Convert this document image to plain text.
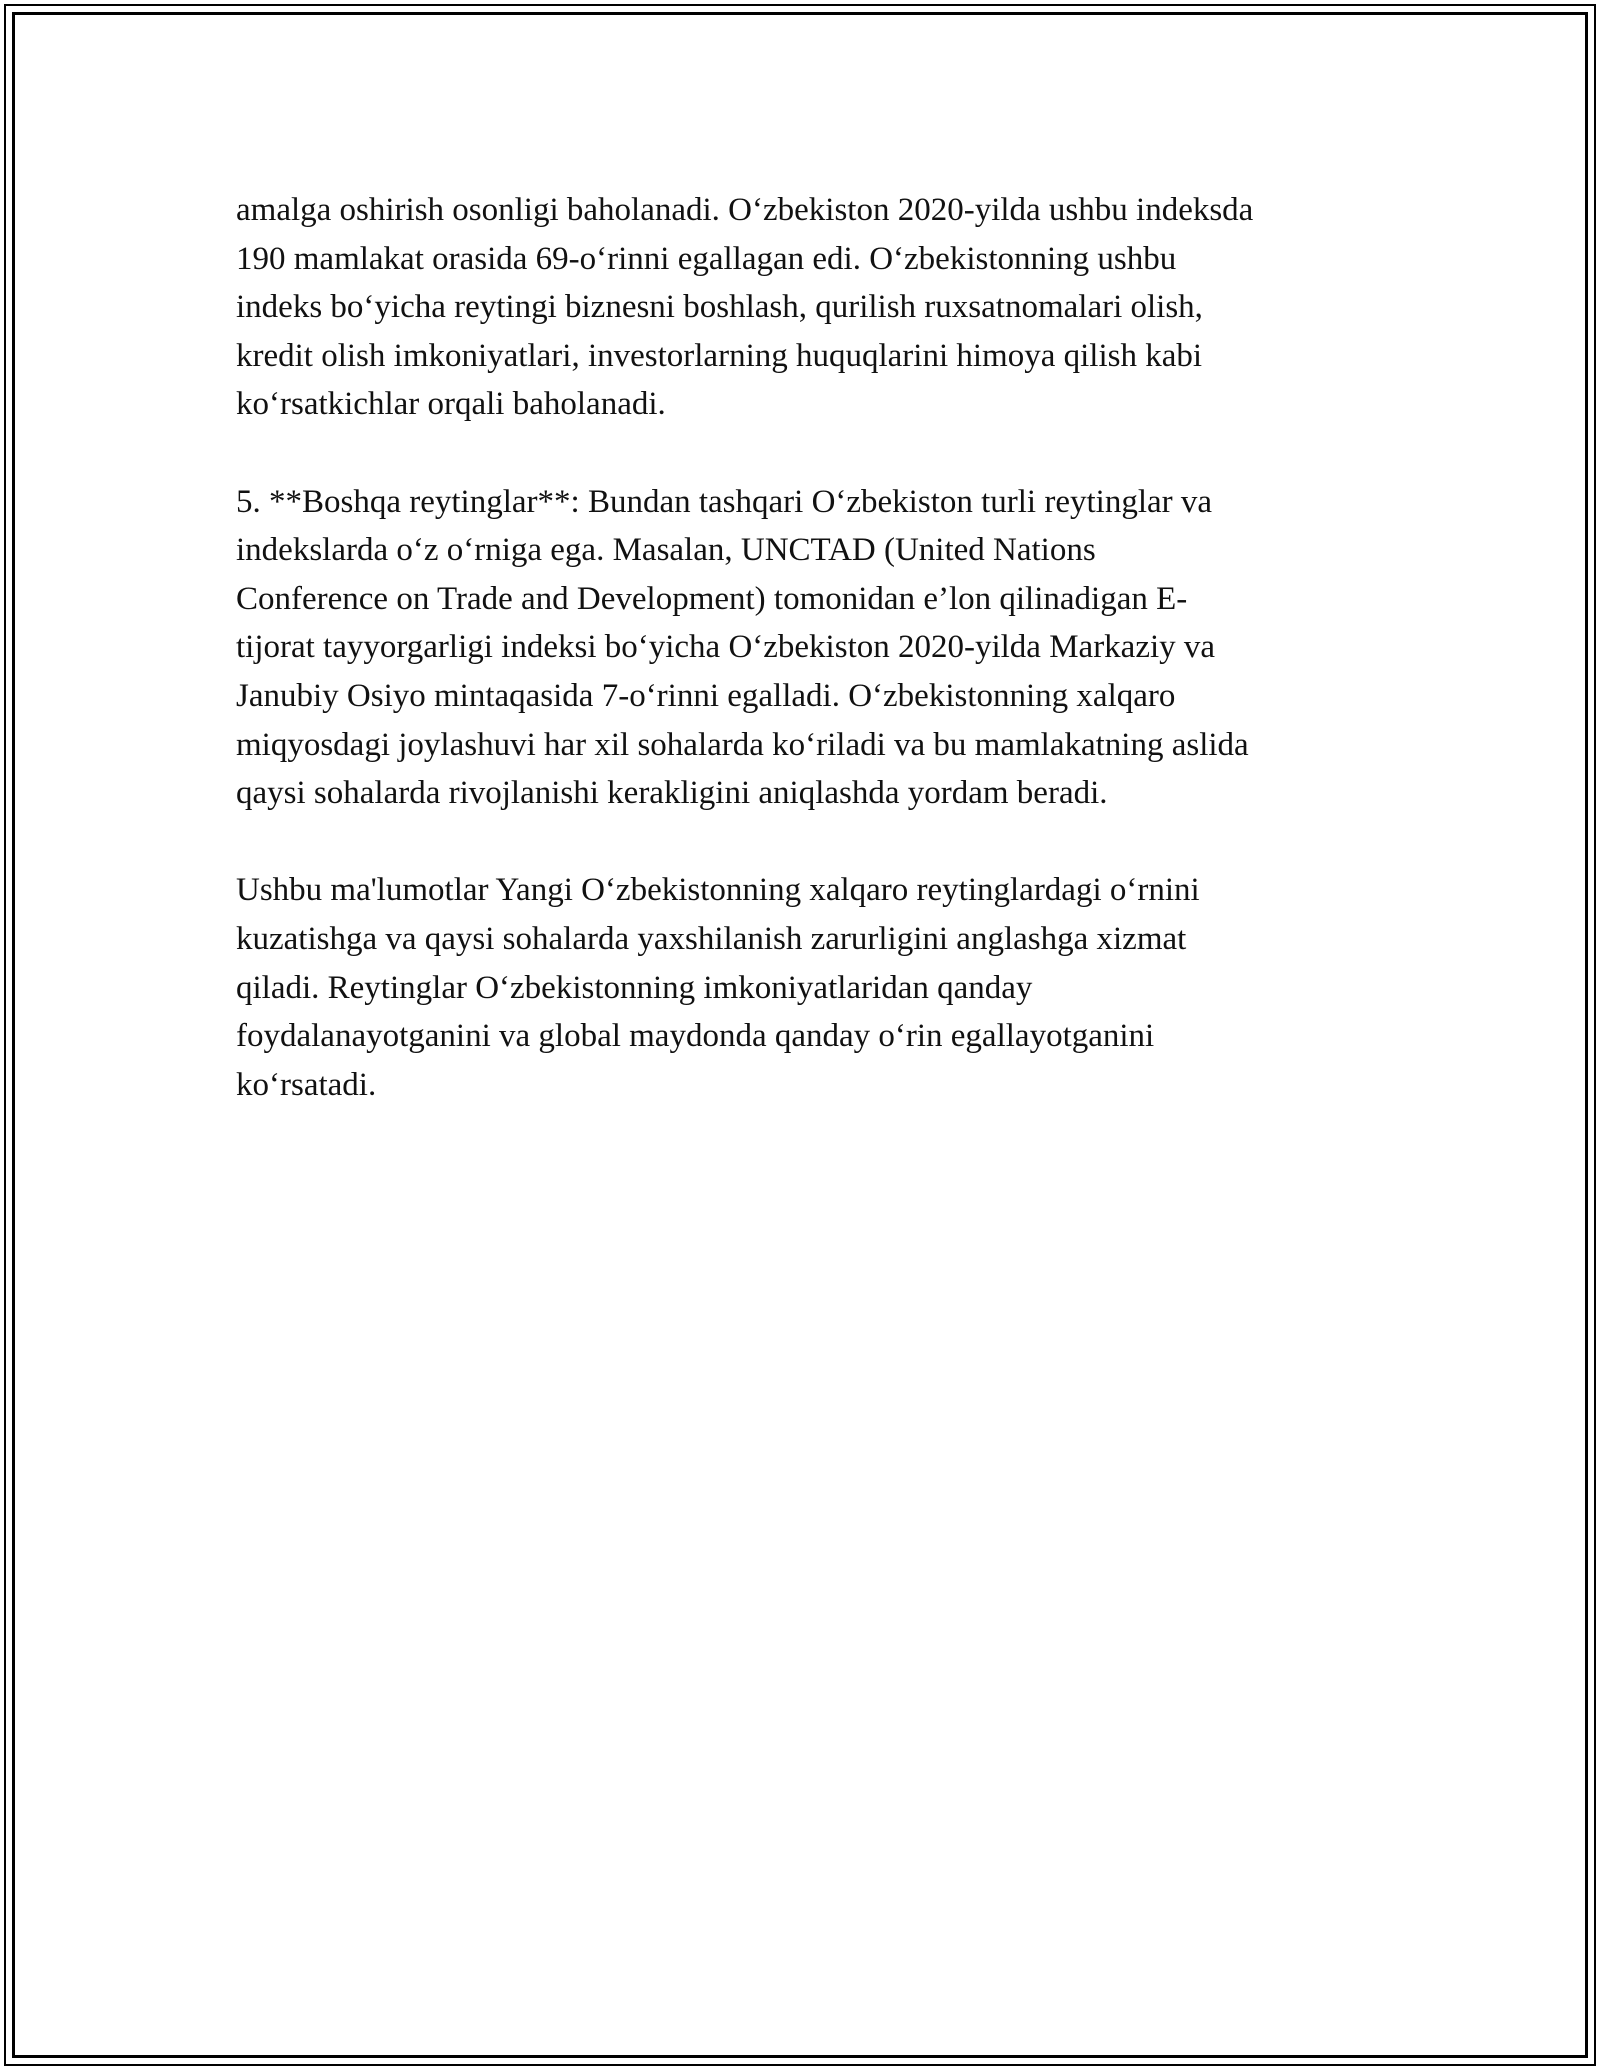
amalga oshirish osonligi baholanadi. O‘zbekiston 2020-yilda ushbu indeksda
190 mamlakat orasida 69-o‘rinni egallagan edi. O‘zbekistonning ushbu
indeks bo‘yicha reytingi biznesni boshlash, qurilish ruxsatnomalari olish,
kredit olish imkoniyatlari, investorlarning huquqlarini himoya qilish kabi
ko‘rsatkichlar orqali baholanadi.

5. **Boshqa reytinglar**: Bundan tashqari O‘zbekiston turli reytinglar va
indekslarda o‘z o‘rniga ega. Masalan, UNCTAD (United Nations
Conference on Trade and Development) tomonidan e’lon qilinadigan E-
tijorat tayyorgarligi indeksi bo‘yicha O‘zbekiston 2020-yilda Markaziy va
Janubiy Osiyo mintaqasida 7-o‘rinni egalladi. O‘zbekistonning xalqaro
miqyosdagi joylashuvi har xil sohalarda ko‘riladi va bu mamlakatning aslida
qaysi sohalarda rivojlanishi kerakligini aniqlashda yordam beradi.

Ushbu ma'lumotlar Yangi O‘zbekistonning xalqaro reytinglardagi o‘rnini
kuzatishga va qaysi sohalarda yaxshilanish zarurligini anglashga xizmat
qiladi. Reytinglar O‘zbekistonning imkoniyatlaridan qanday
foydalanayotganini va global maydonda qanday o‘rin egallayotganini
ko‘rsatadi.
